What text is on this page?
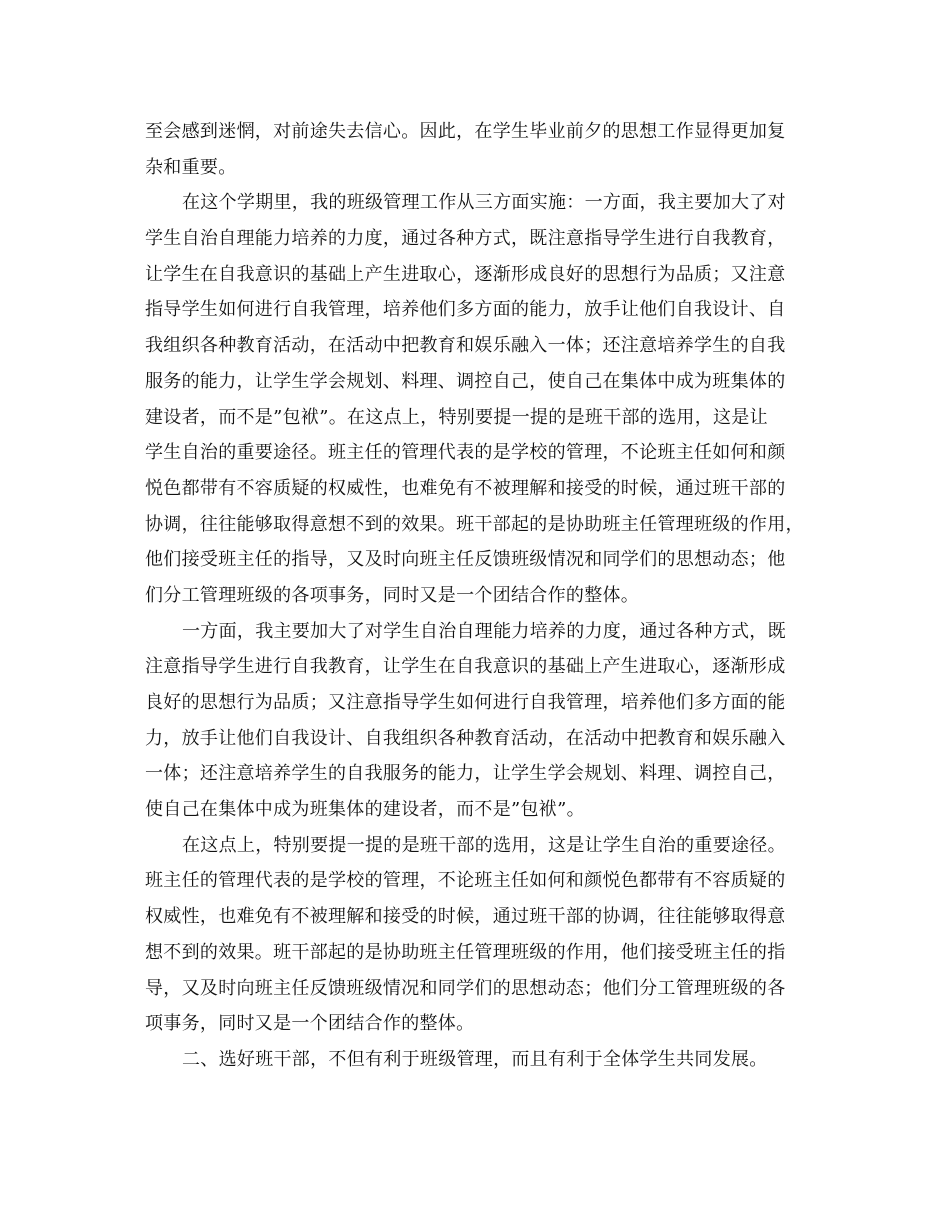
至会感到迷惘，对前途失去信心。因此，在学生毕业前夕的思想工作显得更加复
杂和重要。

在这个学期里，我的班级管理工作从三方面实施：一方面，我主要加大了对
学生自治自理能力培养的力度，通过各种方式，既注意指导学生进行自我教育，
让学生在自我意识的基础上产生进取心，逐渐形成良好的思想行为品质；又注意
指导学生如何进行自我管理，培养他们多方面的能力，放手让他们自我设计、自
我组织各种教育活动，在活动中把教育和娱乐融入一体；还注意培养学生的自我
服务的能力，让学生学会规划、料理、调控自己，使自己在集体中成为班集体的
建设者，而不是”包袱”。在这点上，特别要提一提的是班干部的选用，这是让
学生自治的重要途径。班主任的管理代表的是学校的管理，不论班主任如何和颜
悦色都带有不容质疑的权威性，也难免有不被理解和接受的时候，通过班干部的
协调，往往能够取得意想不到的效果。班干部起的是协助班主任管理班级的作用，
他们接受班主任的指导，又及时向班主任反馈班级情况和同学们的思想动态；他
们分工管理班级的各项事务，同时又是一个团结合作的整体。

一方面，我主要加大了对学生自治自理能力培养的力度，通过各种方式，既
注意指导学生进行自我教育，让学生在自我意识的基础上产生进取心，逐渐形成
良好的思想行为品质；又注意指导学生如何进行自我管理，培养他们多方面的能
力，放手让他们自我设计、自我组织各种教育活动，在活动中把教育和娱乐融入
一体；还注意培养学生的自我服务的能力，让学生学会规划、料理、调控自己，
使自己在集体中成为班集体的建设者，而不是”包袱”。

在这点上，特别要提一提的是班干部的选用，这是让学生自治的重要途径。
班主任的管理代表的是学校的管理，不论班主任如何和颜悦色都带有不容质疑的
权威性，也难免有不被理解和接受的时候，通过班干部的协调，往往能够取得意
想不到的效果。班干部起的是协助班主任管理班级的作用，他们接受班主任的指
导，又及时向班主任反馈班级情况和同学们的思想动态；他们分工管理班级的各
项事务，同时又是一个团结合作的整体。

二、选好班干部，不但有利于班级管理，而且有利于全体学生共同发展。
